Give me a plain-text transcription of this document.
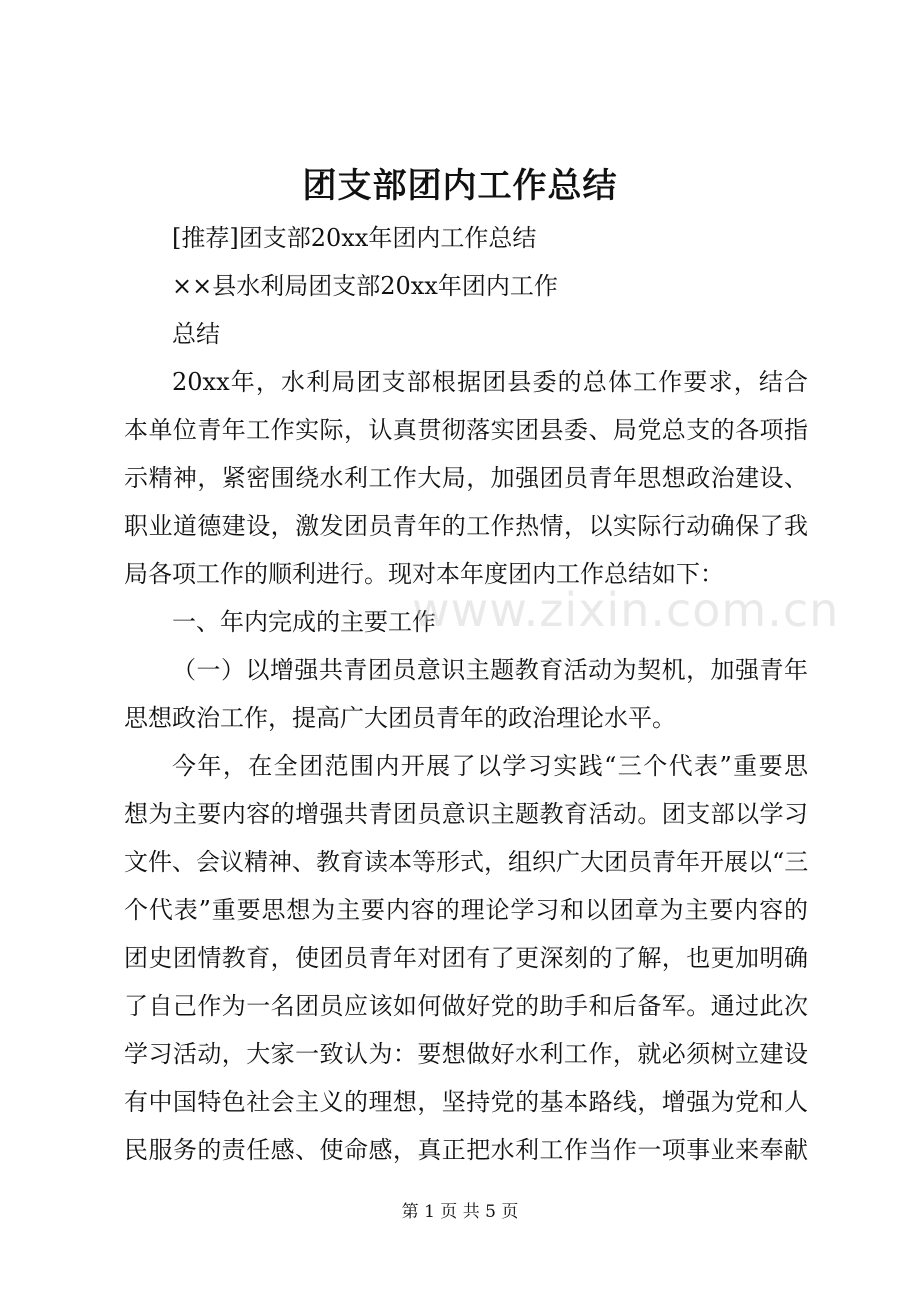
团支部团内工作总结
[推荐]团支部20xx年团内工作总结
××县水利局团支部20xx年团内工作
总结
20xx年，水利局团支部根据团县委的总体工作要求，结合
本单位青年工作实际，认真贯彻落实团县委、局党总支的各项指
示精神，紧密围绕水利工作大局，加强团员青年思想政治建设、
职业道德建设，激发团员青年的工作热情，以实际行动确保了我
局各项工作的顺利进行。现对本年度团内工作总结如下：
一、年内完成的主要工作
（一）以增强共青团员意识主题教育活动为契机，加强青年
思想政治工作，提高广大团员青年的政治理论水平。
今年，在全团范围内开展了以学习实践“三个代表”重要思
想为主要内容的增强共青团员意识主题教育活动。团支部以学习
文件、会议精神、教育读本等形式，组织广大团员青年开展以“三
个代表”重要思想为主要内容的理论学习和以团章为主要内容的
团史团情教育，使团员青年对团有了更深刻的了解，也更加明确
了自己作为一名团员应该如何做好党的助手和后备军。通过此次
学习活动，大家一致认为：要想做好水利工作，就必须树立建设
有中国特色社会主义的理想，坚持党的基本路线，增强为党和人
民服务的责任感、使命感，真正把水利工作当作一项事业来奉献
www.zixin.com.cn
第 1 页 共 5 页
